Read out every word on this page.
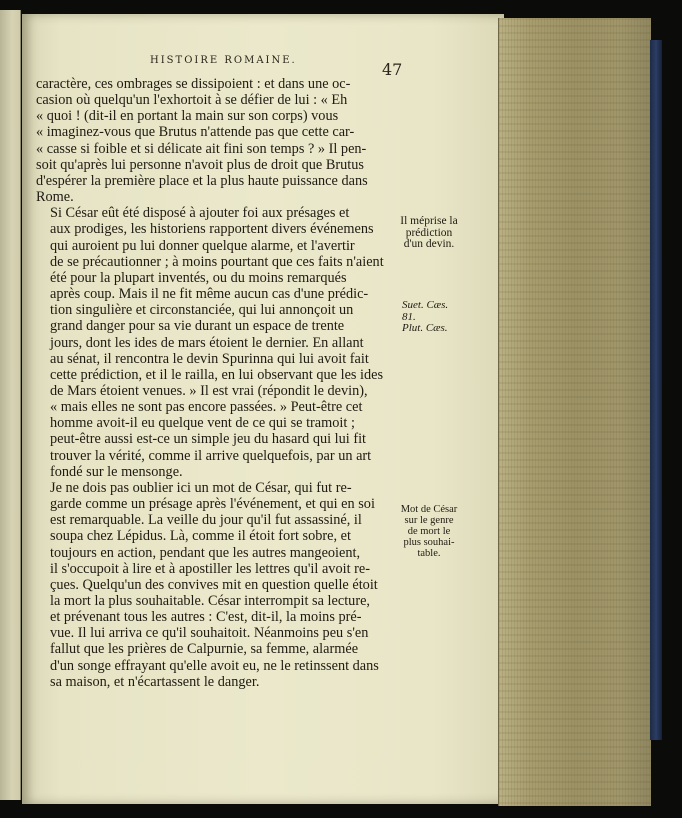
HISTOIRE ROMAINE.	47

caractère, ces ombrages se dissipoient : et dans une oc-
casion où quelqu'un l'exhortoit à se défier de lui : « Eh
« quoi ! (dit-il en portant la main sur son corps) vous
« imaginez-vous que Brutus n'attende pas que cette car-
« casse si foible et si délicate ait fini son temps ? » Il pen-
soit qu'après lui personne n'avoit plus de droit que Brutus
d'espérer la première place et la plus haute puissance dans
Rome.

Si César eût été disposé à ajouter foi aux présages et
aux prodiges, les historiens rapportent divers événemens
qui auroient pu lui donner quelque alarme, et l'avertir
de se précautionner ; à moins pourtant que ces faits n'aient
été pour la plupart inventés, ou du moins remarqués
après coup. Mais il ne fit même aucun cas d'une prédic-
tion singulière et circonstanciée, qui lui annonçoit un
grand danger pour sa vie durant un espace de trente
jours, dont les ides de mars étoient le dernier. En allant
au sénat, il rencontra le devin Spurinna qui lui avoit fait
cette prédiction, et il le railla, en lui observant que les ides
de Mars étoient venues. » Il est vrai (répondit le devin),
« mais elles ne sont pas encore passées. » Peut-être cet
homme avoit-il eu quelque vent de ce qui se tramoit ;
peut-être aussi est-ce un simple jeu du hasard qui lui fit
trouver la vérité, comme il arrive quelquefois, par un art
fondé sur le mensonge.

Je ne dois pas oublier ici un mot de César, qui fut re-
garde comme un présage après l'événement, et qui en soi
est remarquable. La veille du jour qu'il fut assassiné, il
soupa chez Lépidus. Là, comme il étoit fort sobre, et
toujours en action, pendant que les autres mangeoient,
il s'occupoit à lire et à apostiller les lettres qu'il avoit re-
çues. Quelqu'un des convives mit en question quelle étoit
la mort la plus souhaitable. César interrompit sa lecture,
et prévenant tous les autres : C'est, dit-il, la moins pré-
vue. Il lui arriva ce qu'il souhaitoit. Néanmoins peu s'en
fallut que les prières de Calpurnie, sa femme, alarmée
d'un songe effrayant qu'elle avoit eu, ne le retinssent dans
sa maison, et n'écartassent le danger.

Il méprise la
prédiction
d'un devin.
Suet. Cæs.
81.
Plut. Cæs.
Mot de César
sur le genre
de mort le
plus souhai-
table.
